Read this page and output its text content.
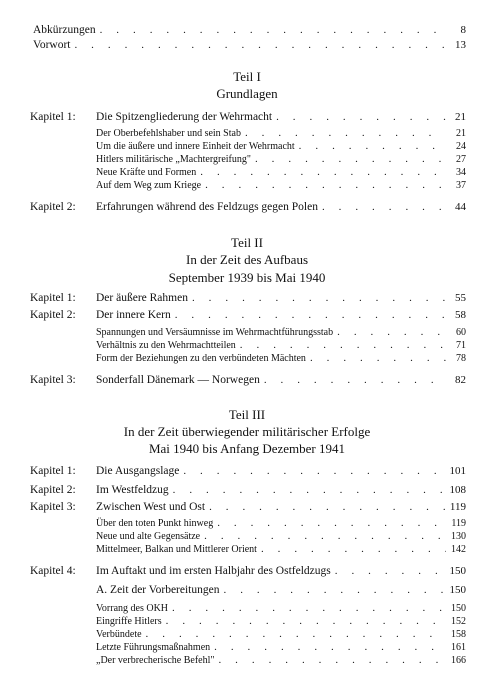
Abkürzungen . . .	8
Vorwort . . .	13
Teil I
Grundlagen
Kapitel 1:	Die Spitzengliederung der Wehrmacht . . .	21
Der Oberbefehlshaber und sein Stab . . .	21
Um die äußere und innere Einheit der Wehrmacht . . .	24
Hitlers militärische „Machtergreifung" . . .	27
Neue Kräfte und Formen . . .	34
Auf dem Weg zum Kriege . . .	37
Kapitel 2:	Erfahrungen während des Feldzugs gegen Polen . . .	44
Teil II
In der Zeit des Aufbaus
September 1939 bis Mai 1940
Kapitel 1:	Der äußere Rahmen . . .	55
Kapitel 2:	Der innere Kern . . .	58
Spannungen und Versäumnisse im Wehrmachtführungsstab . . .	60
Verhältnis zu den Wehrmachtteilen . . .	71
Form der Beziehungen zu den verbündeten Mächten . . .	78
Kapitel 3:	Sonderfall Dänemark — Norwegen . . .	82
Teil III
In der Zeit überwiegender militärischer Erfolge
Mai 1940 bis Anfang Dezember 1941
Kapitel 1:	Die Ausgangslage . . .	101
Kapitel 2:	Im Westfeldzug . . .	108
Kapitel 3:	Zwischen West und Ost . . .	119
Über den toten Punkt hinweg . . .	119
Neue und alte Gegensätze . . .	130
Mittelmeer, Balkan und Mittlerer Orient . . .	142
Kapitel 4:	Im Auftakt und im ersten Halbjahr des Ostfeldzugs . . .	150
A. Zeit der Vorbereitungen . . .	150
Vorrang des OKH . . .	150
Eingriffe Hitlers . . .	152
Verbündete . . .	158
Letzte Führungsmaßnahmen . . .	161
„Der verbrecherische Befehl" . . .	166
